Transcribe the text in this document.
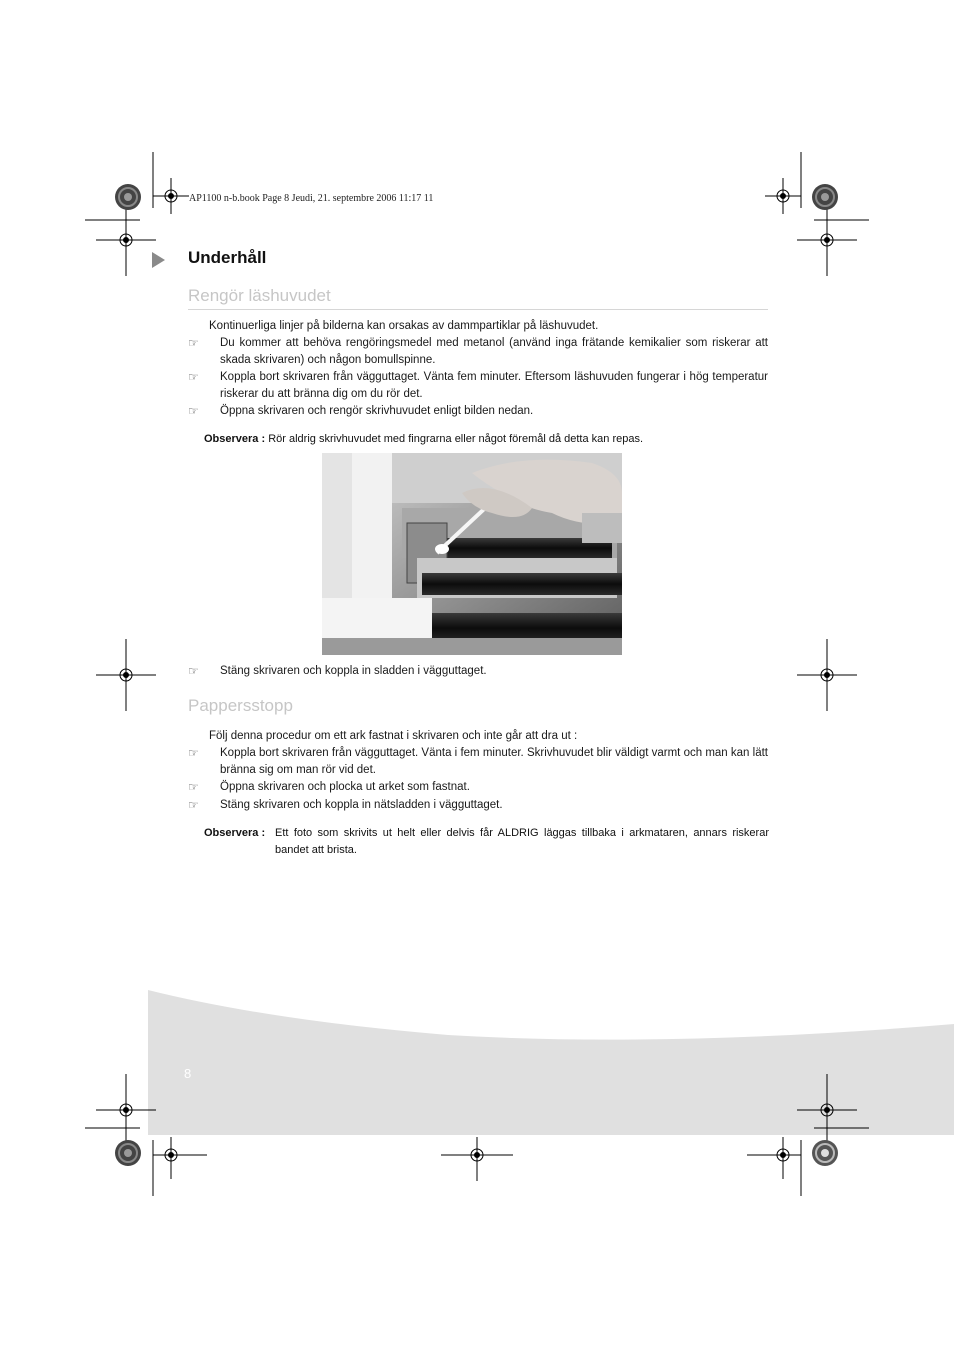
AP1100 n-b.book Page 8 Jeudi, 21. septembre 2006 11:17 11
Underhåll
Rengör läshuvudet
Kontinuerliga linjer på bilderna kan orsakas av dammpartiklar på läshuvudet.
☞	Du kommer att behöva rengöringsmedel med metanol (använd inga frätande kemikalier som riskerar att skada skrivaren) och någon bomullspinne.
☞	Koppla bort skrivaren från vägguttaget. Vänta fem minuter. Eftersom läshuvuden fungerar i hög temperatur riskerar du att bränna dig om du rör det.
☞	Öppna skrivaren och rengör skrivhuvudet enligt bilden nedan.
Observera : Rör aldrig skrivhuvudet med fingrarna eller något föremål då detta kan repas.
☞	Stäng skrivaren och koppla in sladden i vägguttaget.
Pappersstopp
Följ denna procedur om ett ark fastnat i skrivaren och inte går att dra ut :
☞	Koppla bort skrivaren från vägguttaget. Vänta i fem minuter. Skrivhuvudet blir väldigt varmt och man kan lätt bränna sig om man rör vid det.
☞	Öppna skrivaren och plocka ut arket som fastnat.
☞	Stäng skrivaren och koppla in nätsladden i vägguttaget.
Observera : Ett foto som skrivits ut helt eller delvis får ALDRIG läggas tillbaka i arkmataren, annars riskerar bandet att brista.
8
